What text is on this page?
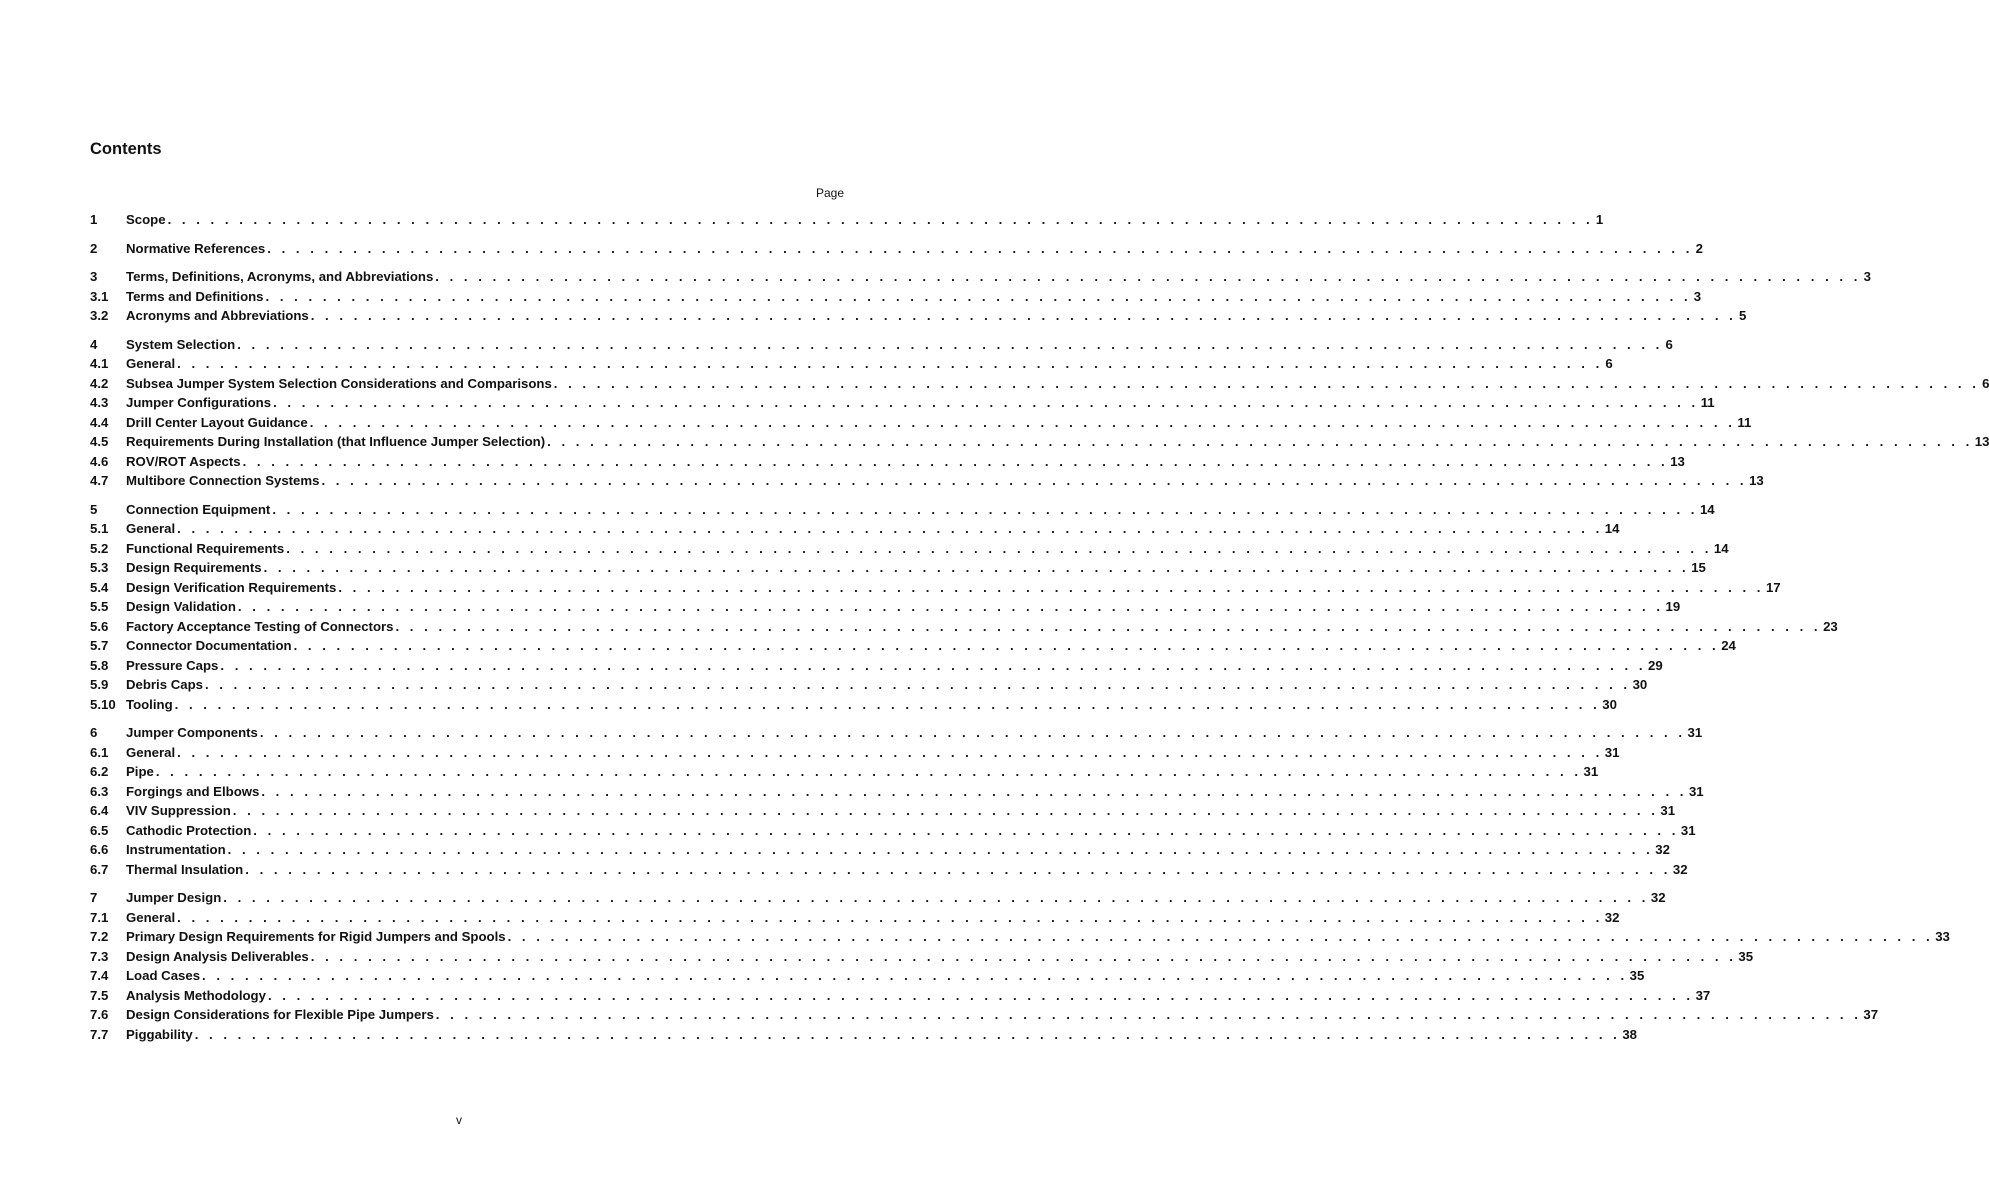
Contents
Page
1	Scope . . . . . . . . . . . . . . . . . . . . . . . . . . . . . . . . . . . . . . . . . . . . . . . . . . . . . . . . . . . . . . . . . . . . . . . . . . . . . . . . . . . . . . . . . . . . . . . . . . . . 1
2	Normative References . . . . . . . . . . . . . . . . . . . . . . . . . . . . . . . . . . . . . . . . . . . . . . . . . . . . . . . . . . . . . . . . . . . . . . . . . . . . . . . . . . . . . . . . . . . . . . . . . . . . 2
3	Terms, Definitions, Acronyms, and Abbreviations . . . . . . . . . . . . . . . . . . . . . . . . . . . . . . . . . . . . . . . . . . . . . . . . . . . . . . . . . . . . . . . . . . . . . . . . . . . . . . . . . . . . . . . . . . . . . . . . . . . . 3
3.1	Terms and Definitions . . . . . . . . . . . . . . . . . . . . . . . . . . . . . . . . . . . . . . . . . . . . . . . . . . . . . . . . . . . . . . . . . . . . . . . . . . . . . . . . . . . . . . . . . . . . . . . . . . . . 3
3.2	Acronyms and Abbreviations . . . . . . . . . . . . . . . . . . . . . . . . . . . . . . . . . . . . . . . . . . . . . . . . . . . . . . . . . . . . . . . . . . . . . . . . . . . . . . . . . . . . . . . . . . . . . . . . . . . . 5
4	System Selection . . . . . . . . . . . . . . . . . . . . . . . . . . . . . . . . . . . . . . . . . . . . . . . . . . . . . . . . . . . . . . . . . . . . . . . . . . . . . . . . . . . . . . . . . . . . . . . . . . . . 6
4.1	General . . . . . . . . . . . . . . . . . . . . . . . . . . . . . . . . . . . . . . . . . . . . . . . . . . . . . . . . . . . . . . . . . . . . . . . . . . . . . . . . . . . . . . . . . . . . . . . . . . . . 6
4.2	Subsea Jumper System Selection Considerations and Comparisons . . . . . . . . . . . . . . . . . . . . . . . . . . . . . . . . . . . . . . . . . . . . . . . . . . . . . . . . . . . . . . . . . . . . . . . . . . . . . . . . . . . . . . . . . . . . . . . . . . . . 6
4.3	Jumper Configurations . . . . . . . . . . . . . . . . . . . . . . . . . . . . . . . . . . . . . . . . . . . . . . . . . . . . . . . . . . . . . . . . . . . . . . . . . . . . . . . . . . . . . . . . . . . . . . . . . . . . 11
4.4	Drill Center Layout Guidance . . . . . . . . . . . . . . . . . . . . . . . . . . . . . . . . . . . . . . . . . . . . . . . . . . . . . . . . . . . . . . . . . . . . . . . . . . . . . . . . . . . . . . . . . . . . . . . . . . . . 11
4.5	Requirements During Installation (that Influence Jumper Selection) . . . . . . . . . . . . . . . . . . . . . . . . . . . . . . . . . . . . . . . . . . . . . . . . . . . . . . . . . . . . . . . . . . . . . . . . . . . . . . . . . . . . . . . . . . . . . . . . . . . . 13
4.6	ROV/ROT Aspects . . . . . . . . . . . . . . . . . . . . . . . . . . . . . . . . . . . . . . . . . . . . . . . . . . . . . . . . . . . . . . . . . . . . . . . . . . . . . . . . . . . . . . . . . . . . . . . . . . . . 13
4.7	Multibore Connection Systems . . . . . . . . . . . . . . . . . . . . . . . . . . . . . . . . . . . . . . . . . . . . . . . . . . . . . . . . . . . . . . . . . . . . . . . . . . . . . . . . . . . . . . . . . . . . . . . . . . . . 13
5	Connection Equipment . . . . . . . . . . . . . . . . . . . . . . . . . . . . . . . . . . . . . . . . . . . . . . . . . . . . . . . . . . . . . . . . . . . . . . . . . . . . . . . . . . . . . . . . . . . . . . . . . . . . 14
5.1	General . . . . . . . . . . . . . . . . . . . . . . . . . . . . . . . . . . . . . . . . . . . . . . . . . . . . . . . . . . . . . . . . . . . . . . . . . . . . . . . . . . . . . . . . . . . . . . . . . . . . 14
5.2	Functional Requirements . . . . . . . . . . . . . . . . . . . . . . . . . . . . . . . . . . . . . . . . . . . . . . . . . . . . . . . . . . . . . . . . . . . . . . . . . . . . . . . . . . . . . . . . . . . . . . . . . . . . 14
5.3	Design Requirements . . . . . . . . . . . . . . . . . . . . . . . . . . . . . . . . . . . . . . . . . . . . . . . . . . . . . . . . . . . . . . . . . . . . . . . . . . . . . . . . . . . . . . . . . . . . . . . . . . . . 15
5.4	Design Verification Requirements . . . . . . . . . . . . . . . . . . . . . . . . . . . . . . . . . . . . . . . . . . . . . . . . . . . . . . . . . . . . . . . . . . . . . . . . . . . . . . . . . . . . . . . . . . . . . . . . . . . . 17
5.5	Design Validation . . . . . . . . . . . . . . . . . . . . . . . . . . . . . . . . . . . . . . . . . . . . . . . . . . . . . . . . . . . . . . . . . . . . . . . . . . . . . . . . . . . . . . . . . . . . . . . . . . . . 19
5.6	Factory Acceptance Testing of Connectors . . . . . . . . . . . . . . . . . . . . . . . . . . . . . . . . . . . . . . . . . . . . . . . . . . . . . . . . . . . . . . . . . . . . . . . . . . . . . . . . . . . . . . . . . . . . . . . . . . . . 23
5.7	Connector Documentation . . . . . . . . . . . . . . . . . . . . . . . . . . . . . . . . . . . . . . . . . . . . . . . . . . . . . . . . . . . . . . . . . . . . . . . . . . . . . . . . . . . . . . . . . . . . . . . . . . . . 24
5.8	Pressure Caps . . . . . . . . . . . . . . . . . . . . . . . . . . . . . . . . . . . . . . . . . . . . . . . . . . . . . . . . . . . . . . . . . . . . . . . . . . . . . . . . . . . . . . . . . . . . . . . . . . . . 29
5.9	Debris Caps . . . . . . . . . . . . . . . . . . . . . . . . . . . . . . . . . . . . . . . . . . . . . . . . . . . . . . . . . . . . . . . . . . . . . . . . . . . . . . . . . . . . . . . . . . . . . . . . . . . . 30
5.10 Tooling . . . . . . . . . . . . . . . . . . . . . . . . . . . . . . . . . . . . . . . . . . . . . . . . . . . . . . . . . . . . . . . . . . . . . . . . . . . . . . . . . . . . . . . . . . . . . . . . . . . . 30
6	Jumper Components . . . . . . . . . . . . . . . . . . . . . . . . . . . . . . . . . . . . . . . . . . . . . . . . . . . . . . . . . . . . . . . . . . . . . . . . . . . . . . . . . . . . . . . . . . . . . . . . . . . . 31
6.1	General . . . . . . . . . . . . . . . . . . . . . . . . . . . . . . . . . . . . . . . . . . . . . . . . . . . . . . . . . . . . . . . . . . . . . . . . . . . . . . . . . . . . . . . . . . . . . . . . . . . . 31
6.2	Pipe . . . . . . . . . . . . . . . . . . . . . . . . . . . . . . . . . . . . . . . . . . . . . . . . . . . . . . . . . . . . . . . . . . . . . . . . . . . . . . . . . . . . . . . . . . . . . . . . . . . . 31
6.3	Forgings and Elbows . . . . . . . . . . . . . . . . . . . . . . . . . . . . . . . . . . . . . . . . . . . . . . . . . . . . . . . . . . . . . . . . . . . . . . . . . . . . . . . . . . . . . . . . . . . . . . . . . . . . 31
6.4	VIV Suppression . . . . . . . . . . . . . . . . . . . . . . . . . . . . . . . . . . . . . . . . . . . . . . . . . . . . . . . . . . . . . . . . . . . . . . . . . . . . . . . . . . . . . . . . . . . . . . . . . . . . 31
6.5	Cathodic Protection . . . . . . . . . . . . . . . . . . . . . . . . . . . . . . . . . . . . . . . . . . . . . . . . . . . . . . . . . . . . . . . . . . . . . . . . . . . . . . . . . . . . . . . . . . . . . . . . . . . . 31
6.6	Instrumentation . . . . . . . . . . . . . . . . . . . . . . . . . . . . . . . . . . . . . . . . . . . . . . . . . . . . . . . . . . . . . . . . . . . . . . . . . . . . . . . . . . . . . . . . . . . . . . . . . . . . 32
6.7	Thermal Insulation . . . . . . . . . . . . . . . . . . . . . . . . . . . . . . . . . . . . . . . . . . . . . . . . . . . . . . . . . . . . . . . . . . . . . . . . . . . . . . . . . . . . . . . . . . . . . . . . . . . . 32
7	Jumper Design . . . . . . . . . . . . . . . . . . . . . . . . . . . . . . . . . . . . . . . . . . . . . . . . . . . . . . . . . . . . . . . . . . . . . . . . . . . . . . . . . . . . . . . . . . . . . . . . . . . . 32
7.1	General . . . . . . . . . . . . . . . . . . . . . . . . . . . . . . . . . . . . . . . . . . . . . . . . . . . . . . . . . . . . . . . . . . . . . . . . . . . . . . . . . . . . . . . . . . . . . . . . . . . . 32
7.2	Primary Design Requirements for Rigid Jumpers and Spools . . . . . . . . . . . . . . . . . . . . . . . . . . . . . . . . . . . . . . . . . . . . . . . . . . . . . . . . . . . . . . . . . . . . . . . . . . . . . . . . . . . . . . . . . . . . . . . . . . . . 33
7.3	Design Analysis Deliverables . . . . . . . . . . . . . . . . . . . . . . . . . . . . . . . . . . . . . . . . . . . . . . . . . . . . . . . . . . . . . . . . . . . . . . . . . . . . . . . . . . . . . . . . . . . . . . . . . . . . 35
7.4	Load Cases . . . . . . . . . . . . . . . . . . . . . . . . . . . . . . . . . . . . . . . . . . . . . . . . . . . . . . . . . . . . . . . . . . . . . . . . . . . . . . . . . . . . . . . . . . . . . . . . . . . . 35
7.5	Analysis Methodology . . . . . . . . . . . . . . . . . . . . . . . . . . . . . . . . . . . . . . . . . . . . . . . . . . . . . . . . . . . . . . . . . . . . . . . . . . . . . . . . . . . . . . . . . . . . . . . . . . . . 37
7.6	Design Considerations for Flexible Pipe Jumpers . . . . . . . . . . . . . . . . . . . . . . . . . . . . . . . . . . . . . . . . . . . . . . . . . . . . . . . . . . . . . . . . . . . . . . . . . . . . . . . . . . . . . . . . . . . . . . . . . . . . 37
7.7	Piggability . . . . . . . . . . . . . . . . . . . . . . . . . . . . . . . . . . . . . . . . . . . . . . . . . . . . . . . . . . . . . . . . . . . . . . . . . . . . . . . . . . . . . . . . . . . . . . . . . . . . 38
v
